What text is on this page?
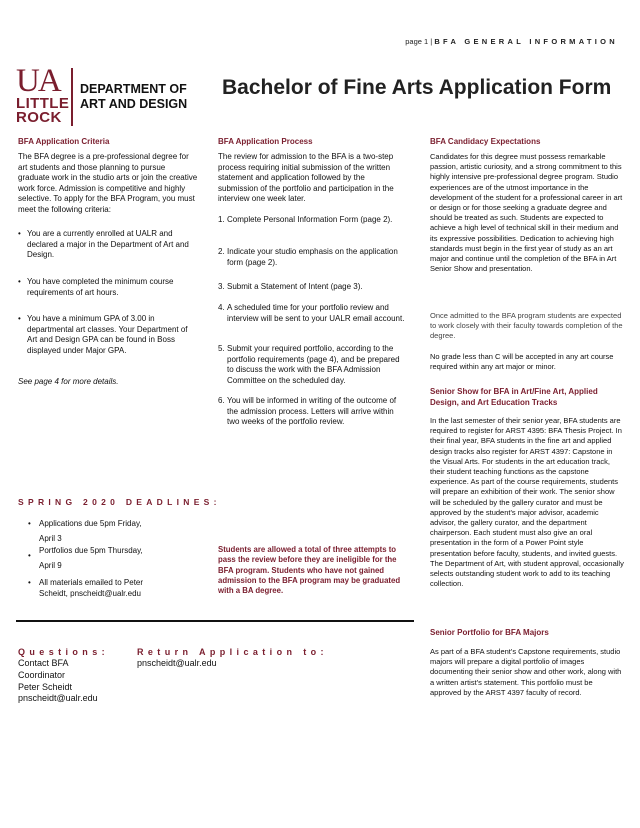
page 1 | BFA GENERAL INFORMATION
UA
LITTLE
ROCK
DEPARTMENT OF
ART AND DESIGN
Bachelor of Fine Arts Application Form
BFA Application Criteria
The BFA degree is a pre-professional degree for art students and those planning to pursue graduate work in the studio arts or join the creative work force. Admission is competitive and highly selective. To apply for the BFA Program, you must meet the following criteria:
• You are a currently enrolled at UALR and declared a major in the Department of Art and Design.
• You have completed the minimum course requirements of art hours.
• You have a minimum GPA of 3.00 in departmental art classes. Your Department of Art and Design GPA can be found in Boss displayed under Major GPA.
See page 4 for more details.
BFA Application Process
The review for admission to the BFA is a two-step process requiring initial submission of the written statement and application followed by the submission of the portfolio and participation in the interview one week later.
1. Complete Personal Information Form (page 2).
2. Indicate your studio emphasis on the application form (page 2).
3. Submit a Statement of Intent (page 3).
4. A scheduled time for your portfolio review and interview will be sent to your UALR email account.
5. Submit your required portfolio, according to the portfolio requirements (page 4), and be prepared to discuss the work with the BFA Admission Committee on the scheduled day.
6. You will be informed in writing of the outcome of the admission process. Letters will arrive within two weeks of the portfolio review.
Students are allowed a total of three attempts to pass the review before they are ineligible for the BFA program. Students who have not gained admission to the BFA program may be graduated with a BA degree.
BFA Candidacy Expectations
Candidates for this degree must possess remarkable passion, artistic curiosity, and a strong commitment to this highly intensive pre-professional degree program. Studio experiences are of the utmost importance in the development of the student for a professional career in art or design or for those seeking a graduate degree and should be treated as such. Students are expected to achieve a high level of technical skill in their medium and its expressive possibilities. Dedication to achieving high standards must begin in the first year of study as an art major and continue until the completion of the BFA in Art Senior Show and presentation.
Once admitted to the BFA program students are expected to work closely with their faculty towards completion of the degree.
No grade less than C will be accepted in any art course required within any art major or minor.
Senior Show for BFA in Art/Fine Art, Applied Design, and Art Education Tracks
In the last semester of their senior year, BFA students are required to register for ARST 4395: BFA Thesis Project. In their final year, BFA students in the fine art and applied design tracks also register for ARST 4397: Capstone in the Visual Arts. For students in the art education track, their student teaching functions as the capstone experience. As part of the course requirements, students will prepare an exhibition of their work. The senior show will be scheduled by the gallery curator and must be approved by the student's major advisor, academic advisor, the gallery curator, and the department chairperson. Each student must also give an oral presentation in the form of a Power Point style presentation before faculty, students, and invited guests. The Department of Art, with student approval, occasionally selects outstanding student work to add to its teaching collection.
Senior Portfolio for BFA Majors
As part of a BFA student's Capstone requirements, studio majors will prepare a digital portfolio of images documenting their senior show and other work, along with a written artist's statement. This portfolio must be approved by the ARST 4397 faculty of record.
SPRING 2020 DEADLINES:
• Applications due 5pm Friday,
April 3
•
Portfolios due 5pm Thursday,
April 9
• All materials emailed to Peter
Scheidt, pnscheidt@ualr.edu
Questions:
Contact BFA
Coordinator
Peter Scheidt
pnscheidt@ualr.edu
Return Application to:
pnscheidt@ualr.edu
